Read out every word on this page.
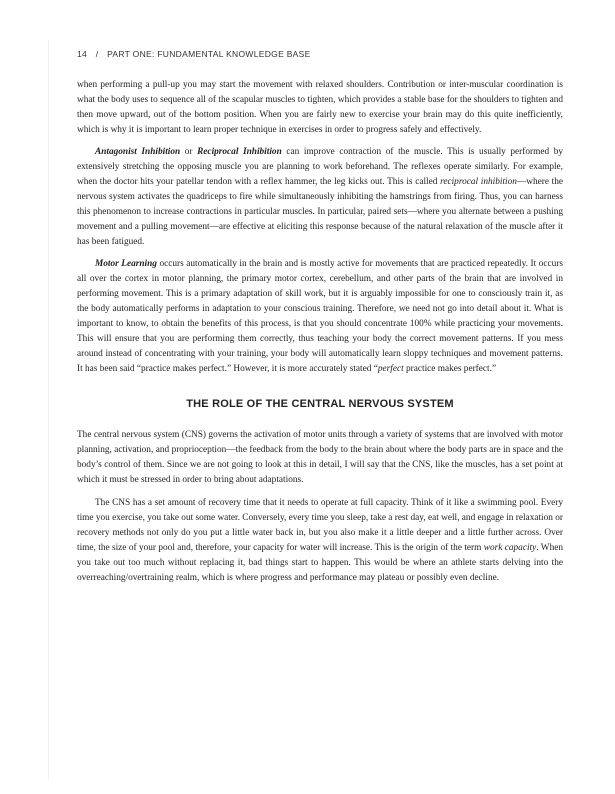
14 / PART ONE: FUNDAMENTAL KNOWLEDGE BASE

when performing a pull-up you may start the movement with relaxed shoulders. Contribution or inter-muscular coordination is what the body uses to sequence all of the scapular muscles to tighten, which provides a stable base for the shoulders to tighten and then move upward, out of the bottom position. When you are fairly new to exercise your brain may do this quite inefficiently, which is why it is important to learn proper technique in exercises in order to progress safely and effectively.

Antagonist Inhibition or Reciprocal Inhibition can improve contraction of the muscle. This is usually performed by extensively stretching the opposing muscle you are planning to work beforehand. The reflexes operate similarly. For example, when the doctor hits your patellar tendon with a reflex hammer, the leg kicks out. This is called reciprocal inhibition—where the nervous system activates the quadriceps to fire while simultaneously inhibiting the hamstrings from firing. Thus, you can harness this phenomenon to increase contractions in particular muscles. In particular, paired sets—where you alternate between a pushing movement and a pulling movement—are effective at eliciting this response because of the natural relaxation of the muscle after it has been fatigued.

Motor Learning occurs automatically in the brain and is mostly active for movements that are practiced repeatedly. It occurs all over the cortex in motor planning, the primary motor cortex, cerebellum, and other parts of the brain that are involved in performing movement. This is a primary adaptation of skill work, but it is arguably impossible for one to consciously train it, as the body automatically performs in adaptation to your conscious training. Therefore, we need not go into detail about it. What is important to know, to obtain the benefits of this process, is that you should concentrate 100% while practicing your movements. This will ensure that you are performing them correctly, thus teaching your body the correct movement patterns. If you mess around instead of concentrating with your training, your body will automatically learn sloppy techniques and movement patterns. It has been said “practice makes perfect.” However, it is more accurately stated “perfect practice makes perfect.”

THE ROLE OF THE CENTRAL NERVOUS SYSTEM

The central nervous system (CNS) governs the activation of motor units through a variety of systems that are involved with motor planning, activation, and proprioception—the feedback from the body to the brain about where the body parts are in space and the body’s control of them. Since we are not going to look at this in detail, I will say that the CNS, like the muscles, has a set point at which it must be stressed in order to bring about adaptations.

The CNS has a set amount of recovery time that it needs to operate at full capacity. Think of it like a swimming pool. Every time you exercise, you take out some water. Conversely, every time you sleep, take a rest day, eat well, and engage in relaxation or recovery methods not only do you put a little water back in, but you also make it a little deeper and a little further across. Over time, the size of your pool and, therefore, your capacity for water will increase. This is the origin of the term work capacity. When you take out too much without replacing it, bad things start to happen. This would be where an athlete starts delving into the overreaching/overtraining realm, which is where progress and performance may plateau or possibly even decline.
